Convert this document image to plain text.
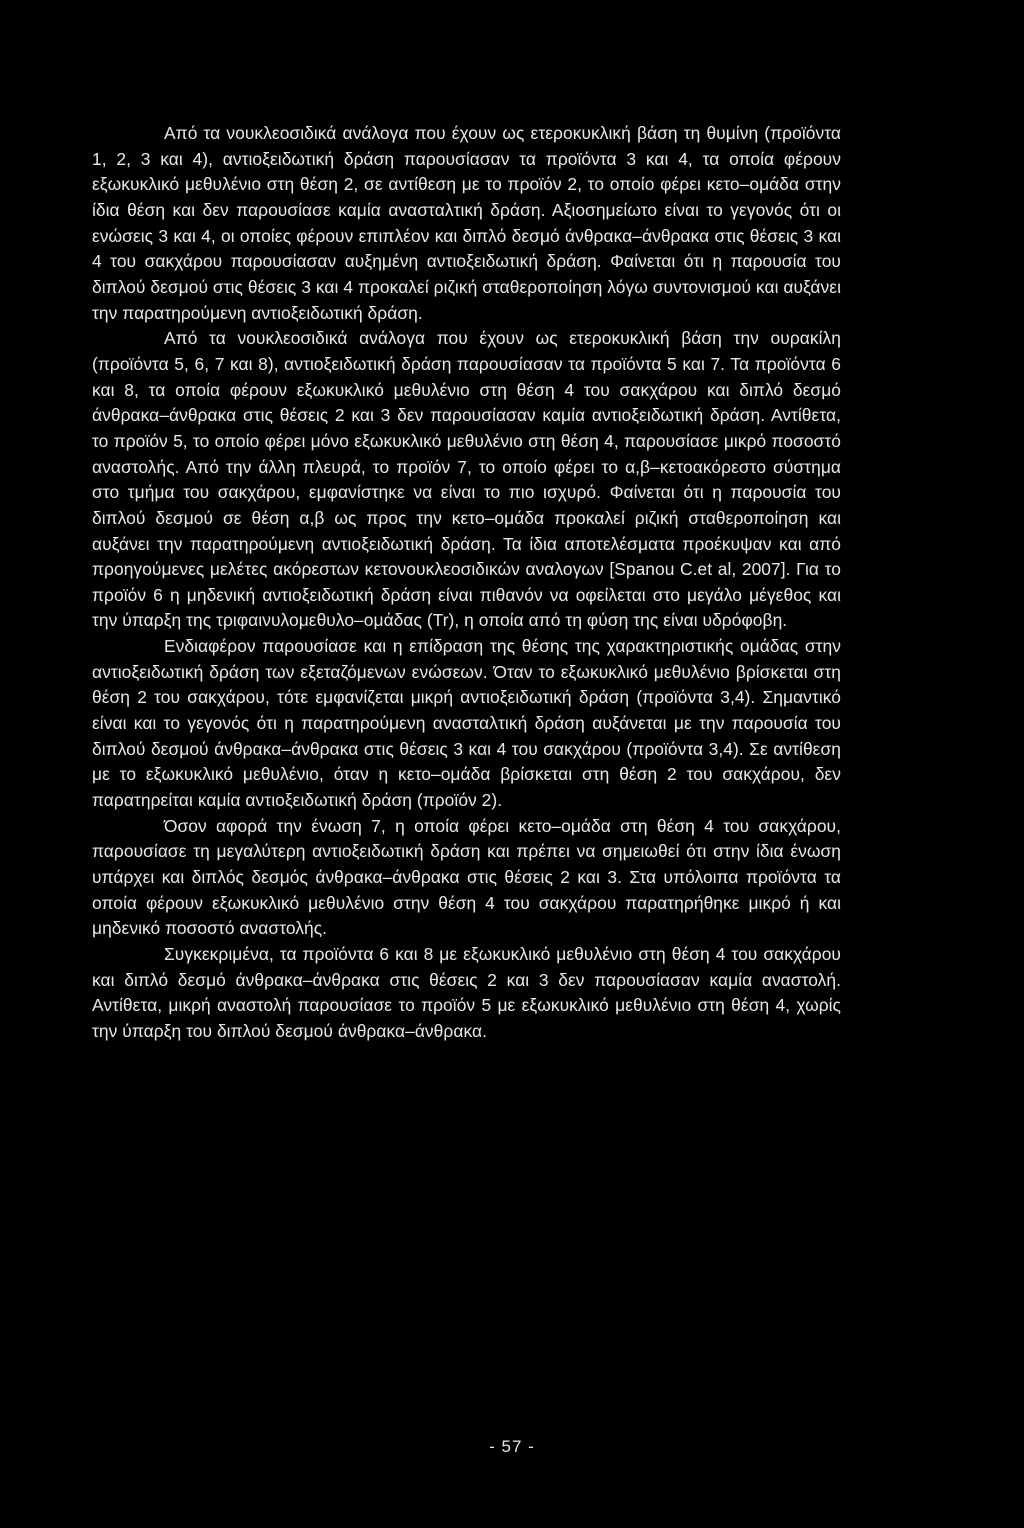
Από τα νουκλεοσιδικά ανάλογα που έχουν ως ετεροκυκλική βάση τη θυμίνη (προϊόντα 1, 2, 3 και 4), αντιοξειδωτική δράση παρουσίασαν τα προϊόντα 3 και 4, τα οποία φέρουν εξωκυκλικό μεθυλένιο στη θέση 2, σε αντίθεση με το προϊόν 2, το οποίο φέρει κετο–ομάδα στην ίδια θέση και δεν παρουσίασε καμία ανασταλτική δράση. Αξιοσημείωτο είναι το γεγονός ότι οι ενώσεις 3 και 4, οι οποίες φέρουν επιπλέον και διπλό δεσμό άνθρακα–άνθρακα στις θέσεις 3 και 4 του σακχάρου παρουσίασαν αυξημένη αντιοξειδωτική δράση. Φαίνεται ότι η παρουσία του διπλού δεσμού στις θέσεις 3 και 4 προκαλεί ριζική σταθεροποίηση λόγω συντονισμού και αυξάνει την παρατηρούμενη αντιοξειδωτική δράση.

Από τα νουκλεοσιδικά ανάλογα που έχουν ως ετεροκυκλική βάση την ουρακίλη (προϊόντα 5, 6, 7 και 8), αντιοξειδωτική δράση παρουσίασαν τα προϊόντα 5 και 7. Τα προϊόντα 6 και 8, τα οποία φέρουν εξωκυκλικό μεθυλένιο στη θέση 4 του σακχάρου και διπλό δεσμό άνθρακα–άνθρακα στις θέσεις 2 και 3 δεν παρουσίασαν καμία αντιοξειδωτική δράση. Αντίθετα, το προϊόν 5, το οποίο φέρει μόνο εξωκυκλικό μεθυλένιο στη θέση 4, παρουσίασε μικρό ποσοστό αναστολής. Από την άλλη πλευρά, το προϊόν 7, το οποίο φέρει το α,β–κετοακόρεστο σύστημα στο τμήμα του σακχάρου, εμφανίστηκε να είναι το πιο ισχυρό. Φαίνεται ότι η παρουσία του διπλού δεσμού σε θέση α,β ως προς την κετο–ομάδα προκαλεί ριζική σταθεροποίηση και αυξάνει την παρατηρούμενη αντιοξειδωτική δράση. Τα ίδια αποτελέσματα προέκυψαν και από προηγούμενες μελέτες ακόρεστων κετονουκλεοσιδικών αναλογων [Spanou C.et al, 2007]. Για το προϊόν 6 η μηδενική αντιοξειδωτική δράση είναι πιθανόν να οφείλεται στο μεγάλο μέγεθος και την ύπαρξη της τριφαινυλομεθυλο–ομάδας (Tr), η οποία από τη φύση της είναι υδρόφοβη.

Ενδιαφέρον παρουσίασε και η επίδραση της θέσης της χαρακτηριστικής ομάδας στην αντιοξειδωτική δράση των εξεταζόμενων ενώσεων. Όταν το εξωκυκλικό μεθυλένιο βρίσκεται στη θέση 2 του σακχάρου, τότε εμφανίζεται μικρή αντιοξειδωτική δράση (προϊόντα 3,4). Σημαντικό είναι και το γεγονός ότι η παρατηρούμενη ανασταλτική δράση αυξάνεται με την παρουσία του διπλού δεσμού άνθρακα–άνθρακα στις θέσεις 3 και 4 του σακχάρου (προϊόντα 3,4). Σε αντίθεση με το εξωκυκλικό μεθυλένιο, όταν η κετο–ομάδα βρίσκεται στη θέση 2 του σακχάρου, δεν παρατηρείται καμία αντιοξειδωτική δράση (προϊόν 2).

Όσον αφορά την ένωση 7, η οποία φέρει κετο–ομάδα στη θέση 4 του σακχάρου, παρουσίασε τη μεγαλύτερη αντιοξειδωτική δράση και πρέπει να σημειωθεί ότι στην ίδια ένωση υπάρχει και διπλός δεσμός άνθρακα–άνθρακα στις θέσεις 2 και 3. Στα υπόλοιπα προϊόντα τα οποία φέρουν εξωκυκλικό μεθυλένιο στην θέση 4 του σακχάρου παρατηρήθηκε μικρό ή και μηδενικό ποσοστό αναστολής.

Συγκεκριμένα, τα προϊόντα 6 και 8 με εξωκυκλικό μεθυλένιο στη θέση 4 του σακχάρου και διπλό δεσμό άνθρακα–άνθρακα στις θέσεις 2 και 3 δεν παρουσίασαν καμία αναστολή. Αντίθετα, μικρή αναστολή παρουσίασε το προϊόν 5 με εξωκυκλικό μεθυλένιο στη θέση 4, χωρίς την ύπαρξη του διπλού δεσμού άνθρακα–άνθρακα.

- 57 -
